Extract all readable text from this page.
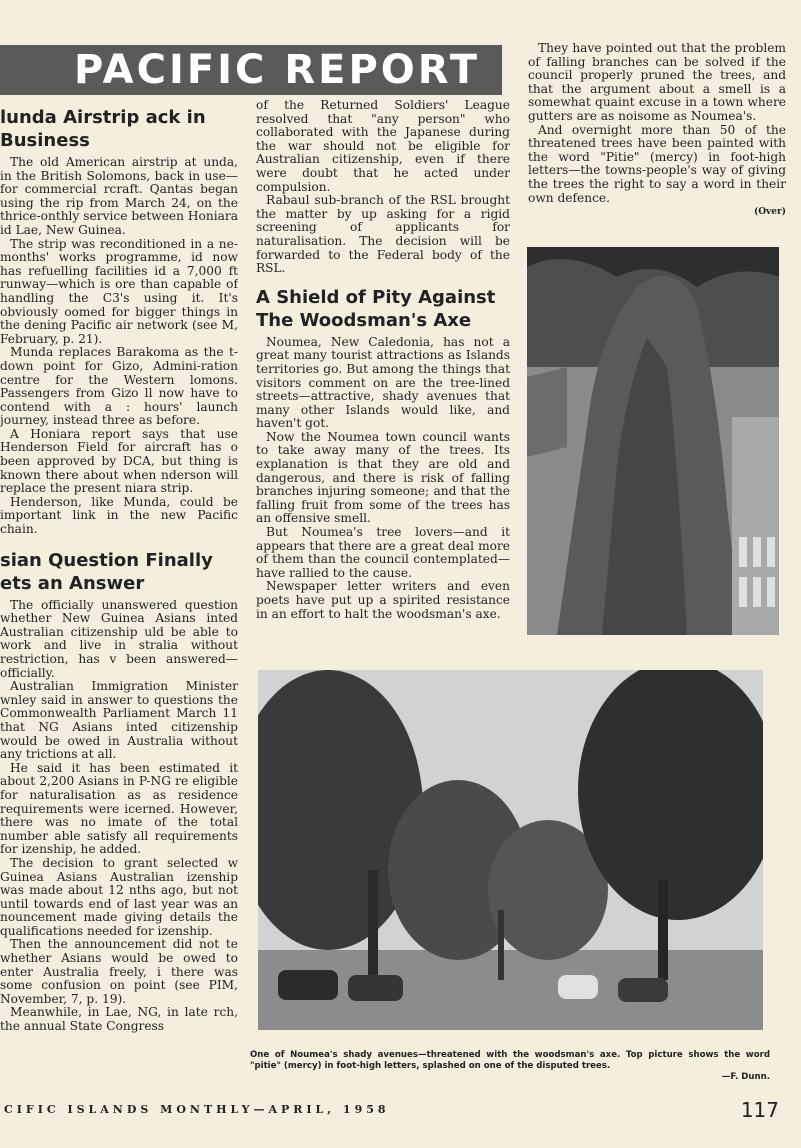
PACIFIC REPORT
lunda Airstrip ack in Business

The old American airstrip at unda, in the British Solomons, back in use—for commercial rcraft. Qantas began using the rip from March 24, on the thrice-onthly service between Honiara id Lae, New Guinea.

The strip was reconditioned in a ne-months' works programme, id now has refuelling facilities id a 7,000 ft runway—which is ore than capable of handling the C3's using it. It's obviously oomed for bigger things in the dening Pacific air network (see M, February, p. 21).

Munda replaces Barakoma as the t-down point for Gizo, Admini-ration centre for the Western lomons. Passengers from Gizo ll now have to contend with a : hours' launch journey, instead three as before.

A Honiara report says that use Henderson Field for aircraft has o been approved by DCA, but thing is known there about when nderson will replace the present niara strip.

Henderson, like Munda, could be important link in the new Pacific chain.

sian Question Finally ets an Answer

The officially unanswered question whether New Guinea Asians inted Australian citizenship uld be able to work and live in stralia without restriction, has v been answered—officially.

Australian Immigration Minister wnley said in answer to questions the Commonwealth Parliament March 11 that NG Asians inted citizenship would be owed in Australia without any trictions at all.

He said it has been estimated it about 2,200 Asians in P-NG re eligible for naturalisation as as residence requirements were icerned. However, there was no imate of the total number able satisfy all requirements for izenship, he added.

The decision to grant selected w Guinea Asians Australian izenship was made about 12 nths ago, but not until towards end of last year was an nouncement made giving details the qualifications needed for izenship.

Then the announcement did not te whether Asians would be owed to enter Australia freely, i there was some confusion on point (see PIM, November, 7, p. 19).

Meanwhile, in Lae, NG, in late rch, the annual State Congress

of the Returned Soldiers' League resolved that "any person" who collaborated with the Japanese during the war should not be eligible for Australian citizenship, even if there were doubt that he acted under compulsion.

Rabaul sub-branch of the RSL brought the matter by up asking for a rigid screening of applicants for naturalisation. The decision will be forwarded to the Federal body of the RSL.

A Shield of Pity Against The Woodsman's Axe

Noumea, New Caledonia, has not a great many tourist attractions as Islands territories go. But among the things that visitors comment on are the tree-lined streets—attractive, shady avenues that many other Islands would like, and haven't got.

Now the Noumea town council wants to take away many of the trees. Its explanation is that they are old and dangerous, and there is risk of falling branches injuring someone; and that the falling fruit from some of the trees has an offensive smell.

But Noumea's tree lovers—and it appears that there are a great deal more of them than the council contemplated—have rallied to the cause.

Newspaper letter writers and even poets have put up a spirited resistance in an effort to halt the woodsman's axe.

They have pointed out that the problem of falling branches can be solved if the council properly pruned the trees, and that the argument about a smell is a somewhat quaint excuse in a town where gutters are as noisome as Noumea's.

And overnight more than 50 of the threatened trees have been painted with the word "Pitie" (mercy) in foot-high letters—the towns-people's way of giving the trees the right to say a word in their own defence.

(Over)
One of Noumea's shady avenues—threatened with the woodsman's axe. Top picture shows the word "pitie" (mercy) in foot-high letters, splashed on one of the disputed trees.
—F. Dunn.
CIFIC ISLANDS MONTHLY—APRIL, 1958	117
